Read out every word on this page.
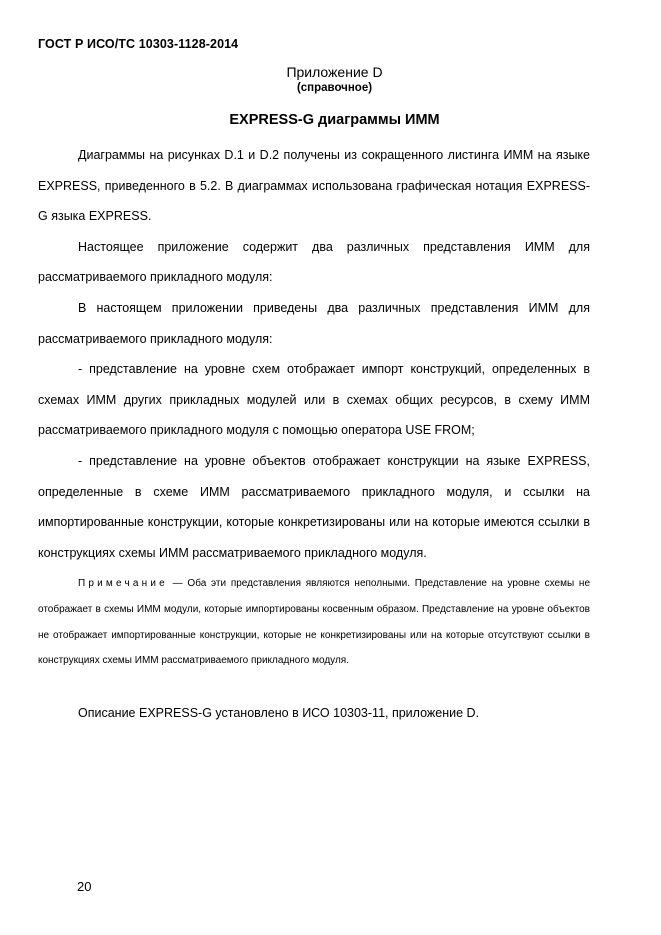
ГОСТ Р ИСО/ТС 10303-1128-2014
Приложение D
(справочное)
EXPRESS-G диаграммы ИММ

Диаграммы на рисунках D.1 и D.2 получены из сокращенного листинга ИММ на языке EXPRESS, приведенного в 5.2. В диаграммах использована графическая нотация EXPRESS-G языка EXPRESS.

Настоящее приложение содержит два различных представления ИММ для рассматриваемого прикладного модуля:

В настоящем приложении приведены два различных представления ИММ для рассматриваемого прикладного модуля:

- представление на уровне схем отображает импорт конструкций, определенных в схемах ИММ других прикладных модулей или в схемах общих ресурсов, в схему ИММ рассматриваемого прикладного модуля с помощью оператора USE FROM;

- представление на уровне объектов отображает конструкции на языке EXPRESS, определенные в схеме ИММ рассматриваемого прикладного модуля, и ссылки на импортированные конструкции, которые конкретизированы или на которые имеются ссылки в конструкциях схемы ИММ рассматриваемого прикладного модуля.

Примечание — Оба эти представления являются неполными. Представление на уровне схемы не отображает в схемы ИММ модули, которые импортированы косвенным образом. Представление на уровне объектов не отображает импортированные конструкции, которые не конкретизированы или на которые отсутствуют ссылки в конструкциях схемы ИММ рассматриваемого прикладного модуля.

Описание EXPRESS-G установлено в ИСО 10303-11, приложение D.

20
